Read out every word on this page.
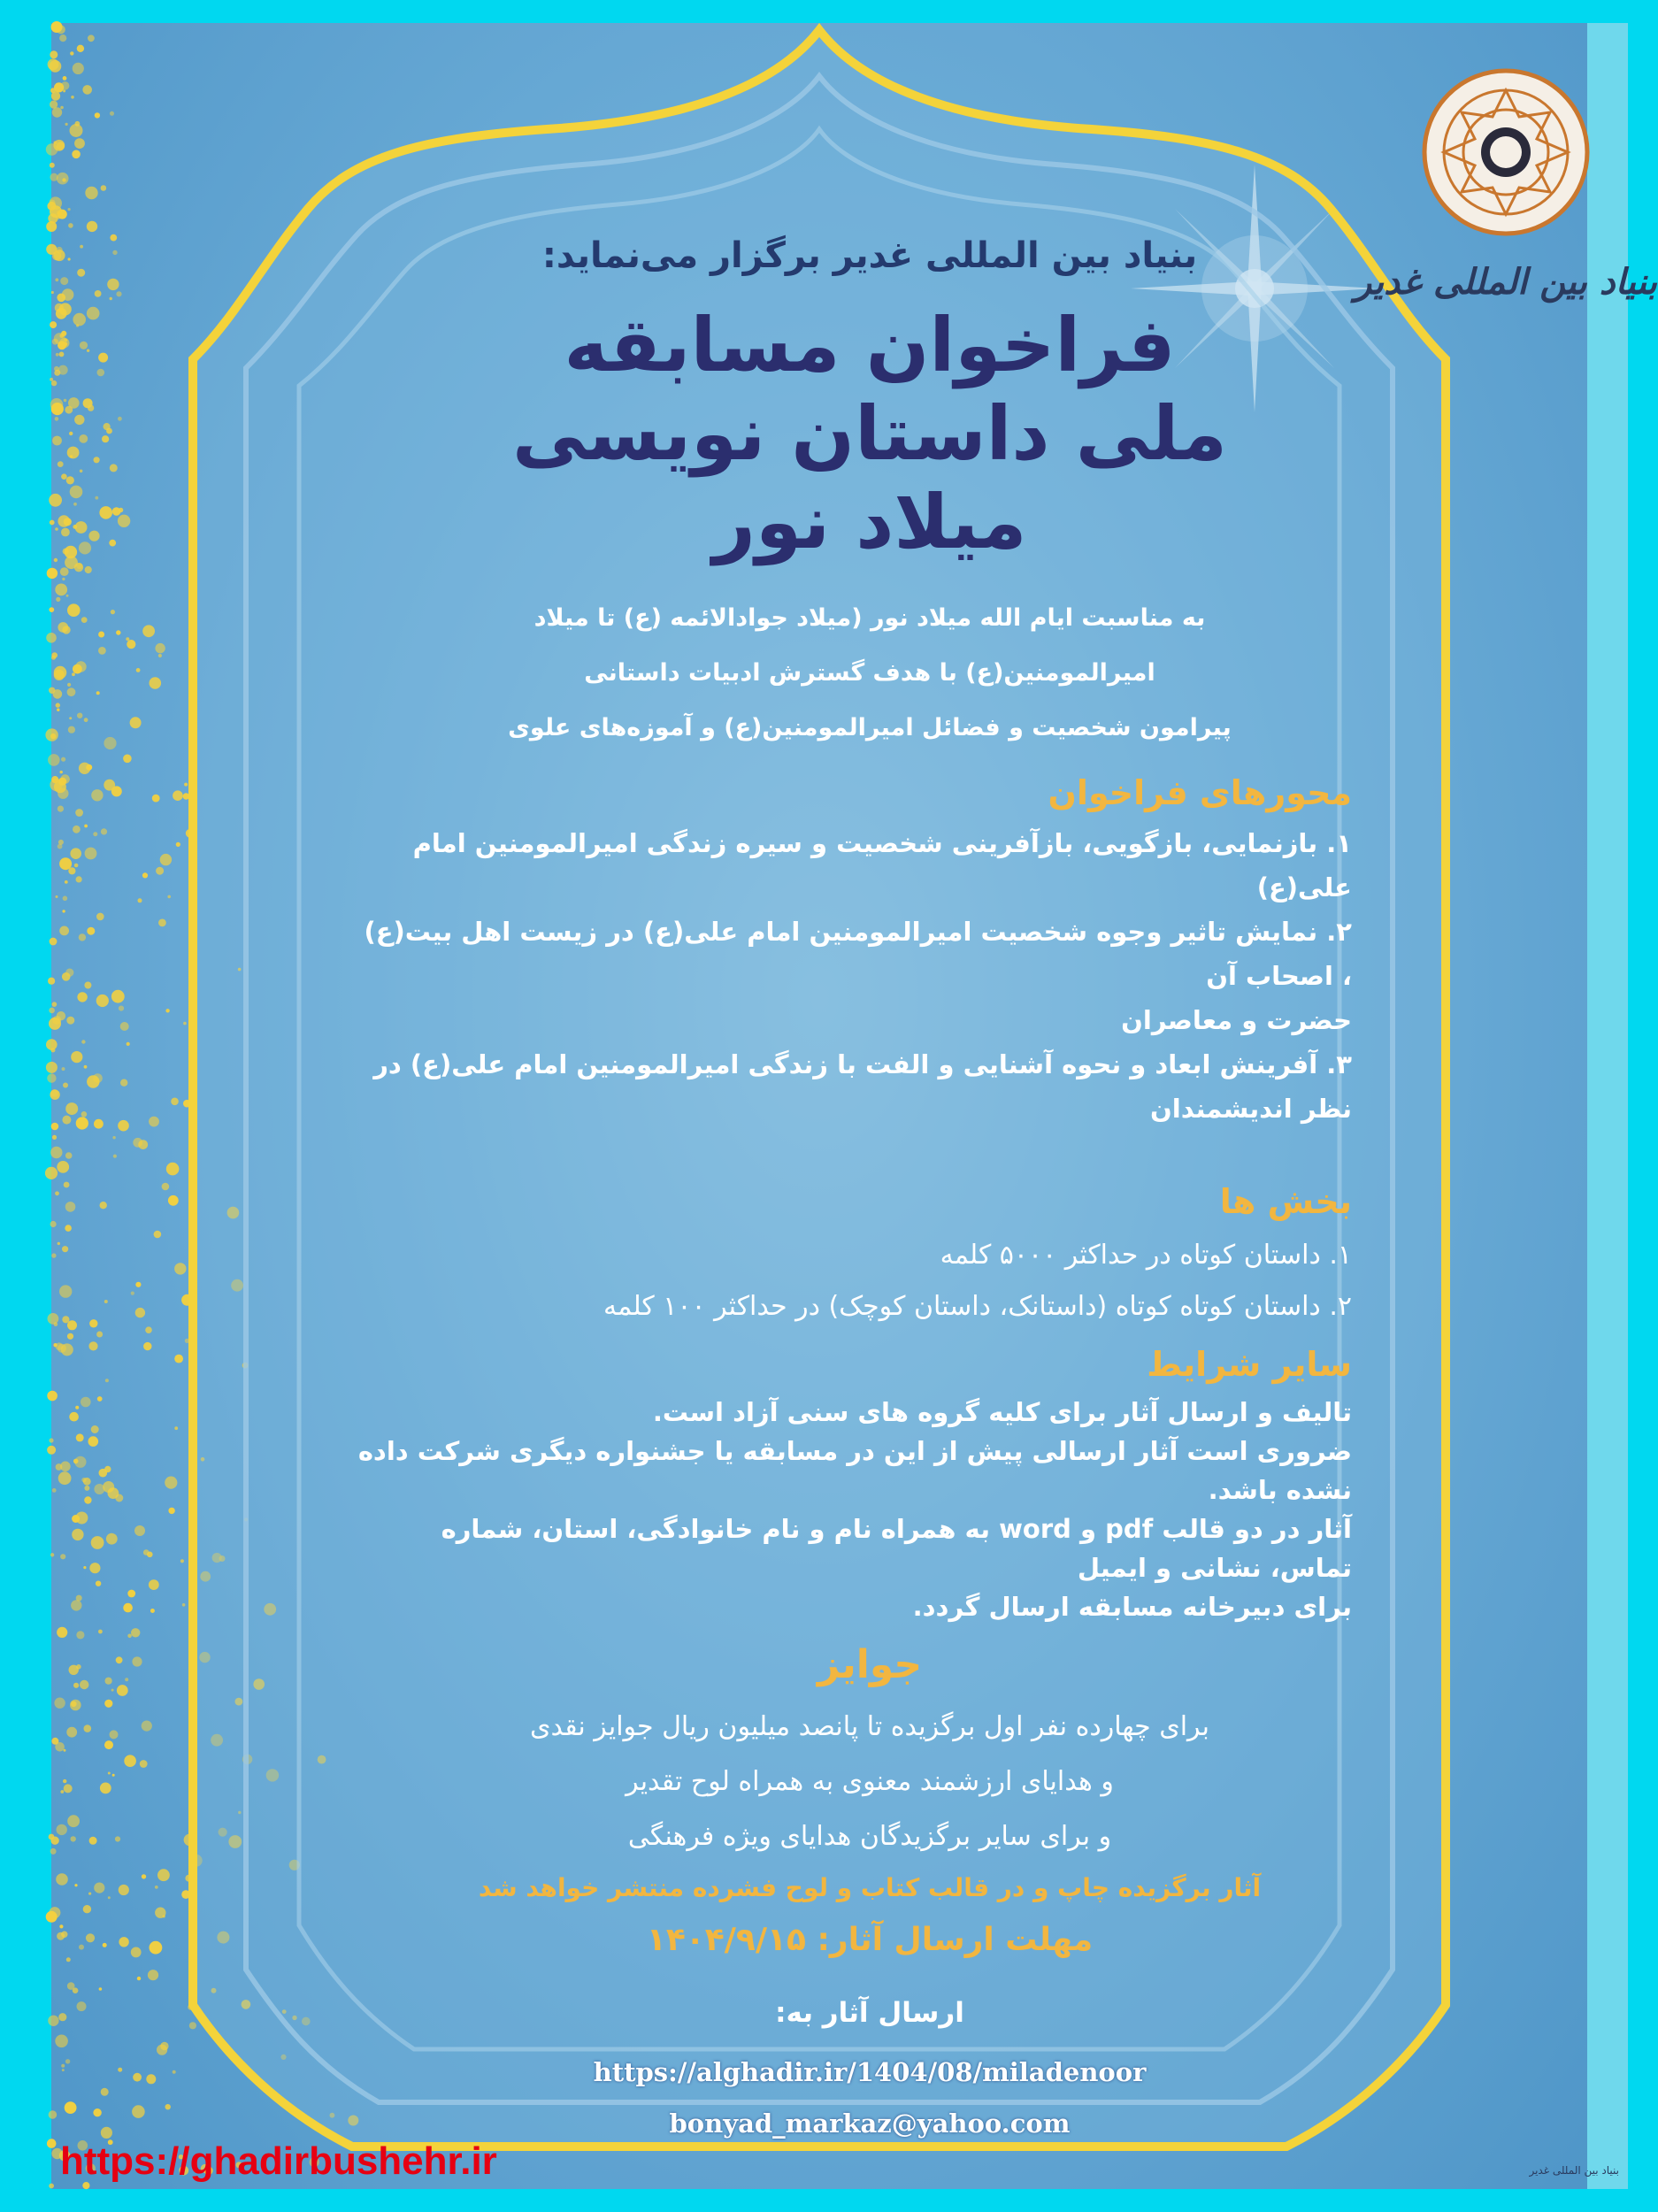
بنیاد بین المللی غدیر
بنیاد بین المللی غدیر برگزار می‌نماید:
فراخوان مسابقه
ملی داستان نویسی
میلاد نور
به مناسبت ایام الله میلاد نور (میلاد جوادالائمه (ع) تا میلاد
امیرالمومنین(ع) با هدف گسترش ادبیات داستانی
پیرامون شخصیت و فضائل امیرالمومنین(ع) و آموزه‌های علوی
محورهای فراخوان
۱. بازنمایی، بازگویی، بازآفرینی شخصیت و سیره زندگی امیرالمومنین امام علی(ع)
۲. نمایش تاثیر وجوه شخصیت امیرالمومنین امام علی(ع) در زیست اهل بیت(ع) ، اصحاب آن
حضرت و معاصران
۳. آفرینش ابعاد و نحوه آشنایی و الفت با زندگی امیرالمومنین امام علی(ع) در نظر اندیشمندان
بخش ها
۱. داستان کوتاه در حداکثر ۵۰۰۰ کلمه
۲. داستان کوتاه کوتاه (داستانک، داستان کوچک) در حداکثر ۱۰۰ کلمه
سایر شرایط
تالیف و ارسال آثار برای کلیه گروه های سنی آزاد است.
ضروری است آثار ارسالی پیش از این در مسابقه یا جشنواره دیگری شرکت داده نشده باشد.
آثار در دو قالب pdf و word به همراه نام و نام خانوادگی، استان، شماره تماس، نشانی و ایمیل
برای دبیرخانه مسابقه ارسال گردد.
جوایز
برای چهارده نفر اول برگزیده تا پانصد میلیون ریال جوایز نقدی
و هدایای ارزشمند معنوی به همراه لوح تقدیر
و برای سایر برگزیدگان هدایای ویژه فرهنگی
آثار برگزیده چاپ و در قالب کتاب و لوح فشرده منتشر خواهد شد
مهلت ارسال آثار: ۱۴۰۴/۹/۱۵
ارسال آثار به:
https://alghadir.ir/1404/08/miladenoor
bonyad_markaz@yahoo.com
https://ghadirbushehr.ir	بنیاد بین المللی غدیر
